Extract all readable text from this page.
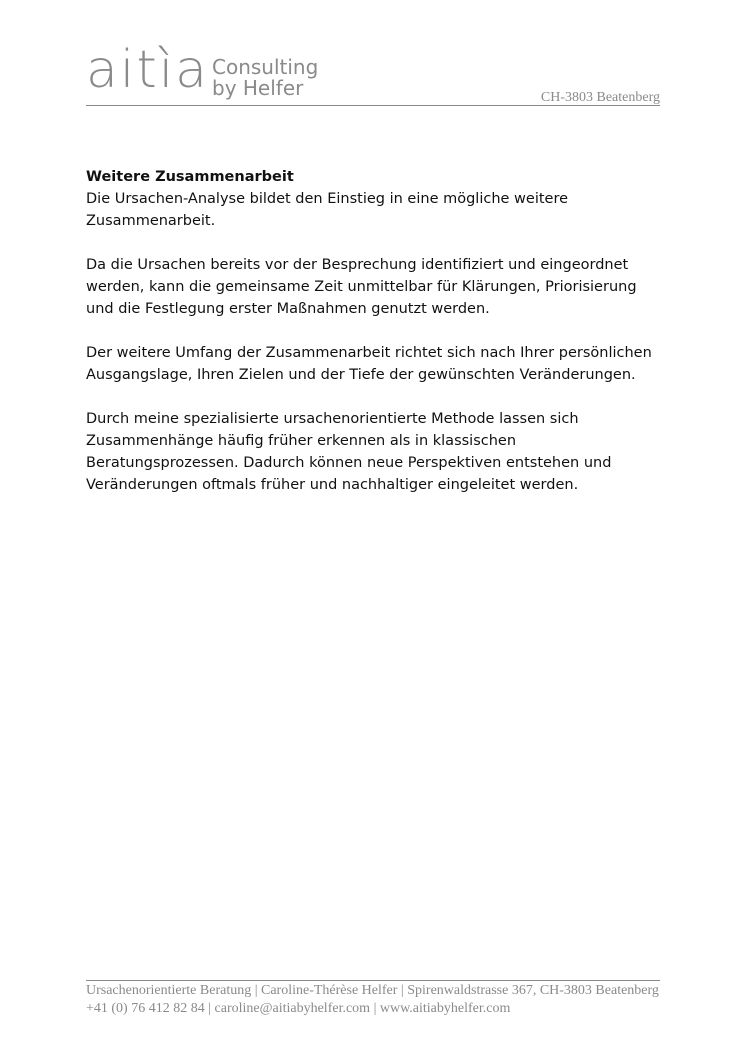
aitìa Consulting
by Helfer	CH-3803 Beatenberg
Weitere Zusammenarbeit

Die Ursachen-Analyse bildet den Einstieg in eine mögliche weitere Zusammenarbeit.

Da die Ursachen bereits vor der Besprechung identifiziert und eingeordnet werden, kann die gemeinsame Zeit unmittelbar für Klärungen, Priorisierung und die Festlegung erster Maßnahmen genutzt werden.

Der weitere Umfang der Zusammenarbeit richtet sich nach Ihrer persönlichen Ausgangslage, Ihren Zielen und der Tiefe der gewünschten Veränderungen.

Durch meine spezialisierte ursachenorientierte Methode lassen sich Zusammenhänge häufig früher erkennen als in klassischen Beratungsprozessen. Dadurch können neue Perspektiven entstehen und Veränderungen oftmals früher und nachhaltiger eingeleitet werden.

Ursachenorientierte Beratung | Caroline-Thérèse Helfer | Spirenwaldstrasse 367, CH-3803 Beatenberg
+41 (0) 76 412 82 84 | caroline@aitiabyhelfer.com | www.aitiabyhelfer.com
